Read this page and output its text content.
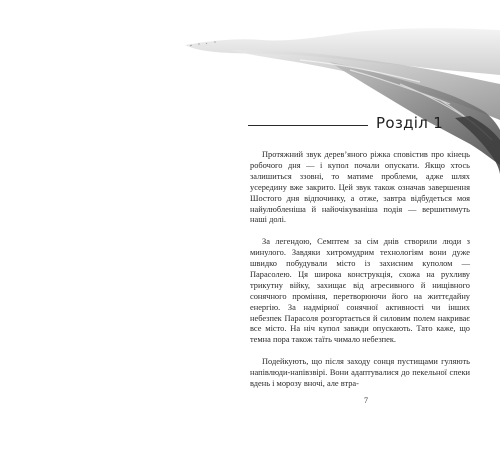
Розділ 1

Протяжний звук дерев’яного ріжка сповістив про кінець робочого дня — і купол почали опускати. Якщо хтось залишиться ззовні, то матиме проблеми, адже шлях усередину вже закрито. Цей звук також означав завершення Шостого дня відпочинку, а отже, завтра відбудеться моя найулюбленіша й найочікуваніша подія — вершитимуть наші долі.

За легендою, Семптем за сім днів створили люди з минулого. Завдяки хитромудрим технологіям вони дуже швидко побудували місто із захисним куполом — Парасолею. Ця широка конструкція, схожа на рухливу трикутну війку, захищає від агресивного й нищівного сонячного проміння, перетворюючи його на життєдайну енергію. За надмірної сонячної активності чи інших небезпек Парасоля розгортається й силовим полем накриває все місто. На ніч купол завжди опускають. Тато каже, що темна пора також таїть чимало небезпек.

Подейкують, що після заходу сонця пустищами гуляють напівлюди-напівзвірі. Вони адаптувалися до пекельної спеки вдень і морозу вночі, але втра-

7
